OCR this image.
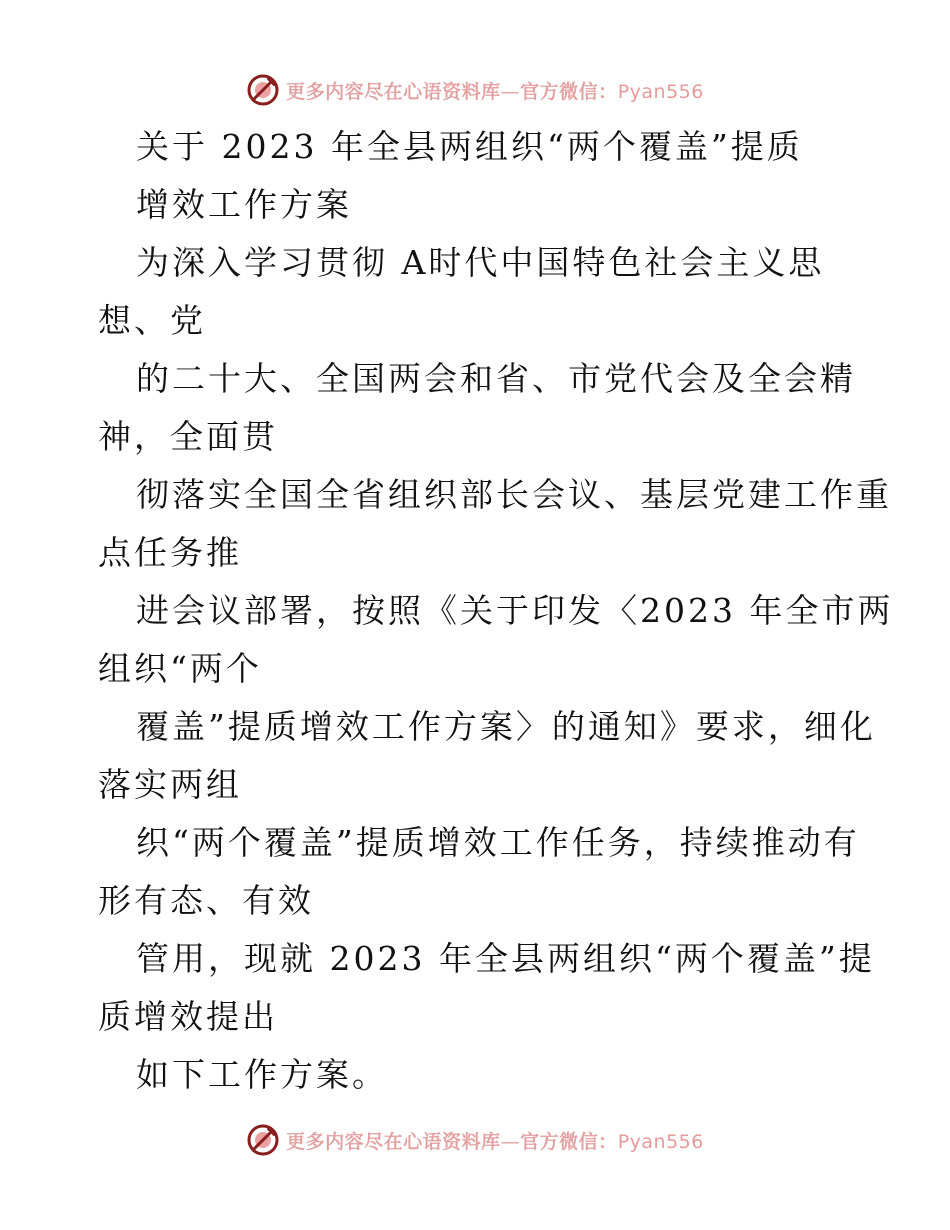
更多内容尽在心语资料库—官方微信：Pyan556
关于 2023 年全县两组织“两个覆盖”提质
增效工作方案
为深入学习贯彻 A时代中国特色社会主义思
想、党
的二十大、全国两会和省、市党代会及全会精
神，全面贯
彻落实全国全省组织部长会议、基层党建工作重
点任务推
进会议部署，按照《关于印发〈2023 年全市两
组织“两个
覆盖”提质增效工作方案〉的通知》要求，细化
落实两组
织“两个覆盖”提质增效工作任务，持续推动有
形有态、有效
管用，现就 2023 年全县两组织“两个覆盖”提
质增效提出
如下工作方案。
更多内容尽在心语资料库—官方微信：Pyan556
